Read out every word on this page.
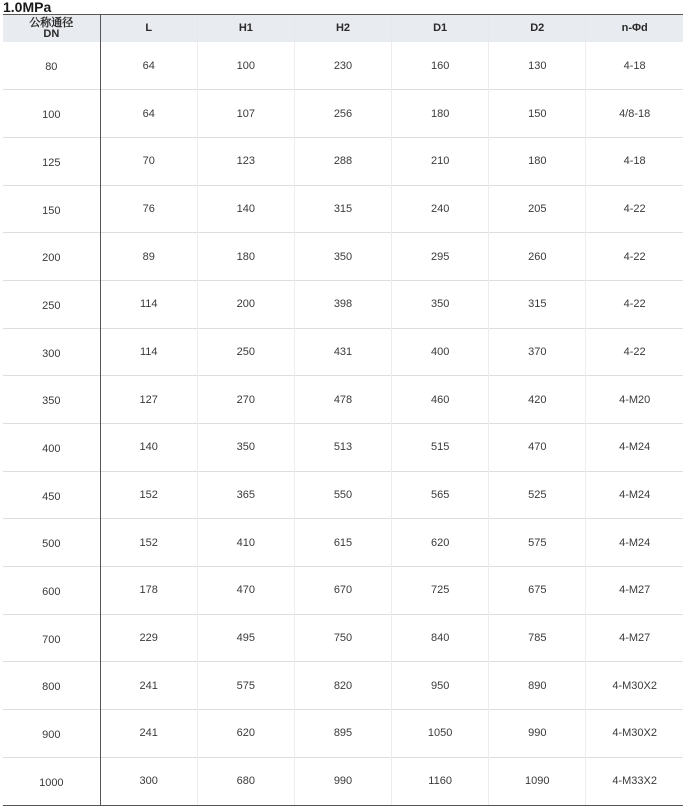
1.0MPa
公称通径
DN	L	H1	H2	D1	D2	n-Φd
80	64	100	230	160	130	4-18
100	64	107	256	180	150	4/8-18
125	70	123	288	210	180	4-18
150	76	140	315	240	205	4-22
200	89	180	350	295	260	4-22
250	114	200	398	350	315	4-22
300	114	250	431	400	370	4-22
350	127	270	478	460	420	4-M20
400	140	350	513	515	470	4-M24
450	152	365	550	565	525	4-M24
500	152	410	615	620	575	4-M24
600	178	470	670	725	675	4-M27
700	229	495	750	840	785	4-M27
800	241	575	820	950	890	4-M30X2
900	241	620	895	1050	990	4-M30X2
1000	300	680	990	1160	1090	4-M33X2
